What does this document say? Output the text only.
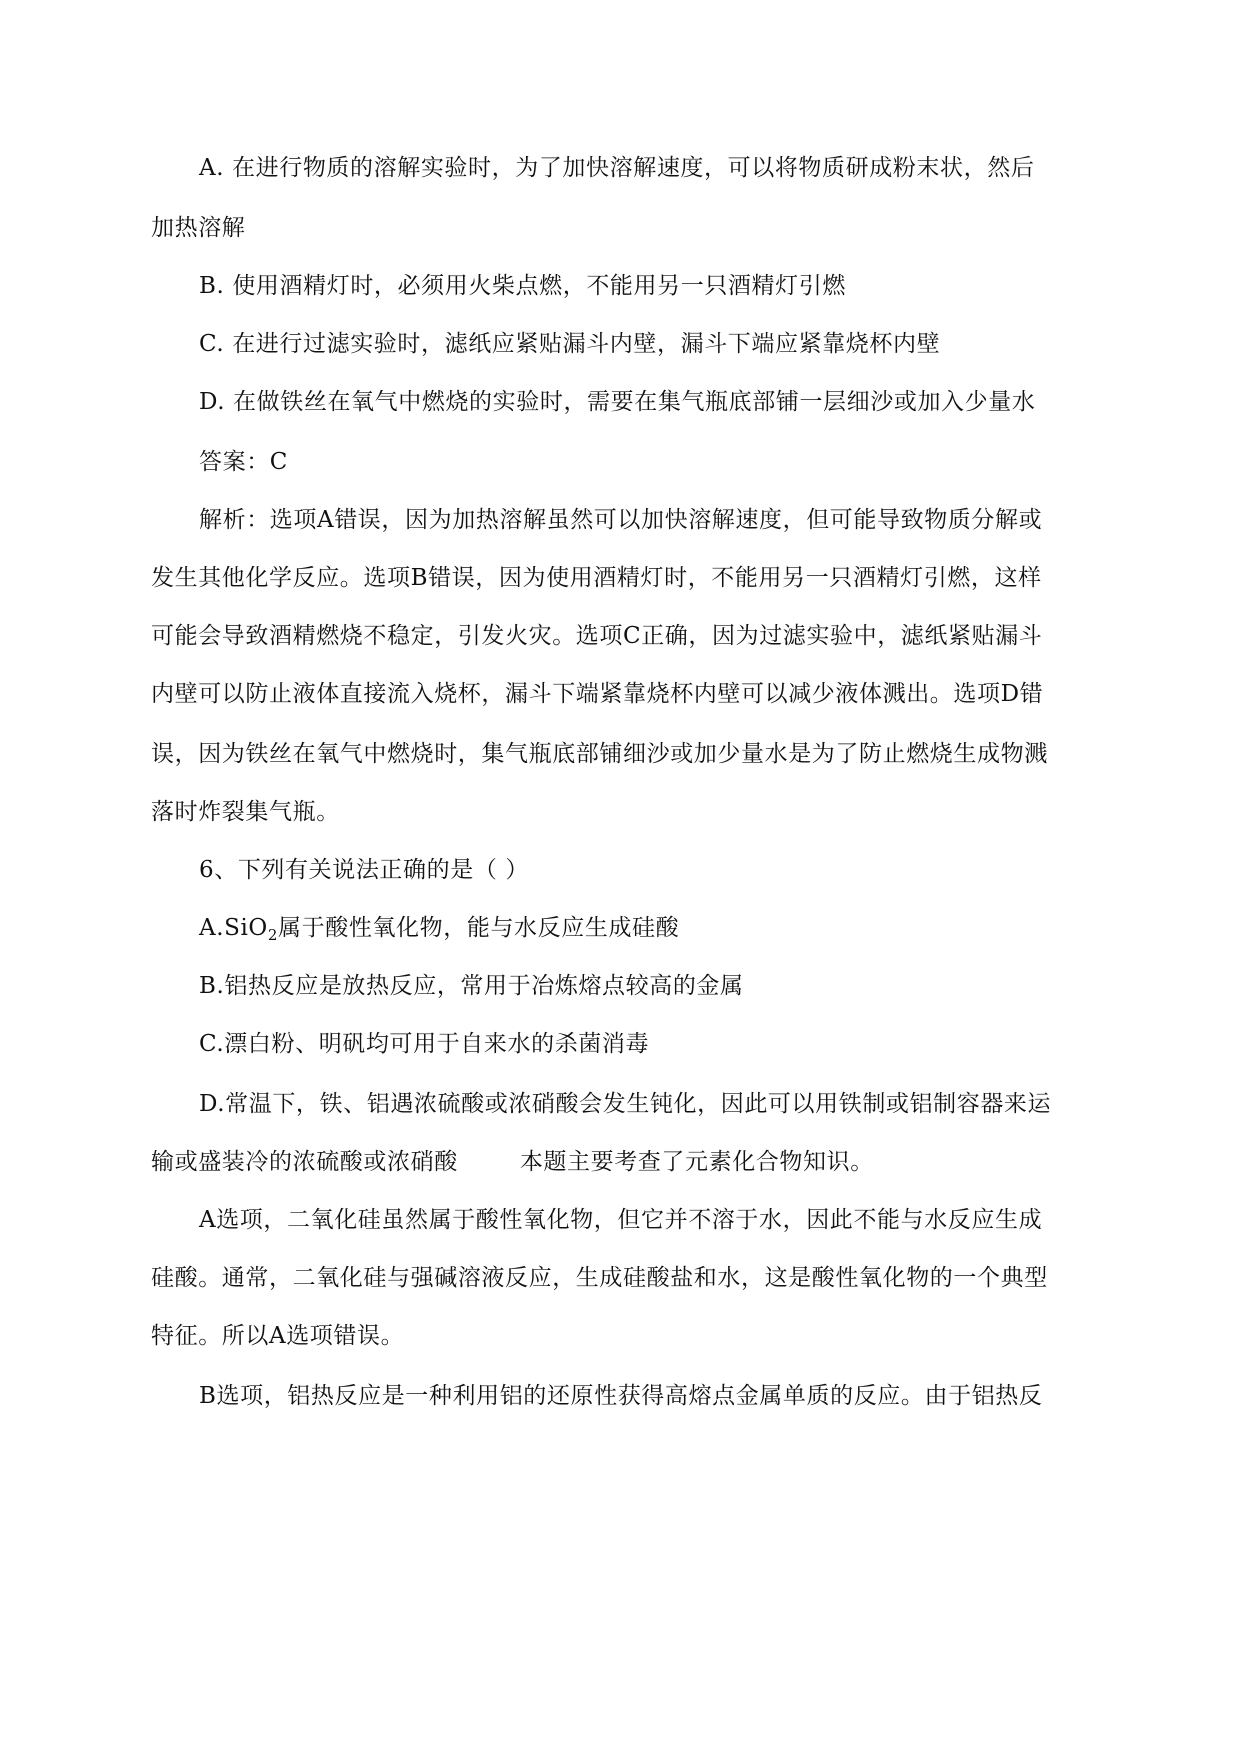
A. 在进行物质的溶解实验时，为了加快溶解速度，可以将物质研成粉末状，然后
加热溶解
B. 使用酒精灯时，必须用火柴点燃，不能用另一只酒精灯引燃
C. 在进行过滤实验时，滤纸应紧贴漏斗内壁，漏斗下端应紧靠烧杯内壁
D. 在做铁丝在氧气中燃烧的实验时，需要在集气瓶底部铺一层细沙或加入少量水
答案：C
解析：选项A错误，因为加热溶解虽然可以加快溶解速度，但可能导致物质分解或
发生其他化学反应。选项B错误，因为使用酒精灯时，不能用另一只酒精灯引燃，这样
可能会导致酒精燃烧不稳定，引发火灾。选项C正确，因为过滤实验中，滤纸紧贴漏斗
内壁可以防止液体直接流入烧杯，漏斗下端紧靠烧杯内壁可以减少液体溅出。选项D错
误，因为铁丝在氧气中燃烧时，集气瓶底部铺细沙或加少量水是为了防止燃烧生成物溅
落时炸裂集气瓶。
6、下列有关说法正确的是（ ）
A.SiO$_2$属于酸性氧化物，能与水反应生成硅酸
B.铝热反应是放热反应，常用于冶炼熔点较高的金属
C.漂白粉、明矾均可用于自来水的杀菌消毒
D.常温下，铁、铝遇浓硫酸或浓硝酸会发生钝化，因此可以用铁制或铝制容器来运
输或盛装冷的浓硫酸或浓硝酸	本题主要考查了元素化合物知识。
A选项，二氧化硅虽然属于酸性氧化物，但它并不溶于水，因此不能与水反应生成
硅酸。通常，二氧化硅与强碱溶液反应，生成硅酸盐和水，这是酸性氧化物的一个典型
特征。所以A选项错误。
B选项，铝热反应是一种利用铝的还原性获得高熔点金属单质的反应。由于铝热反
